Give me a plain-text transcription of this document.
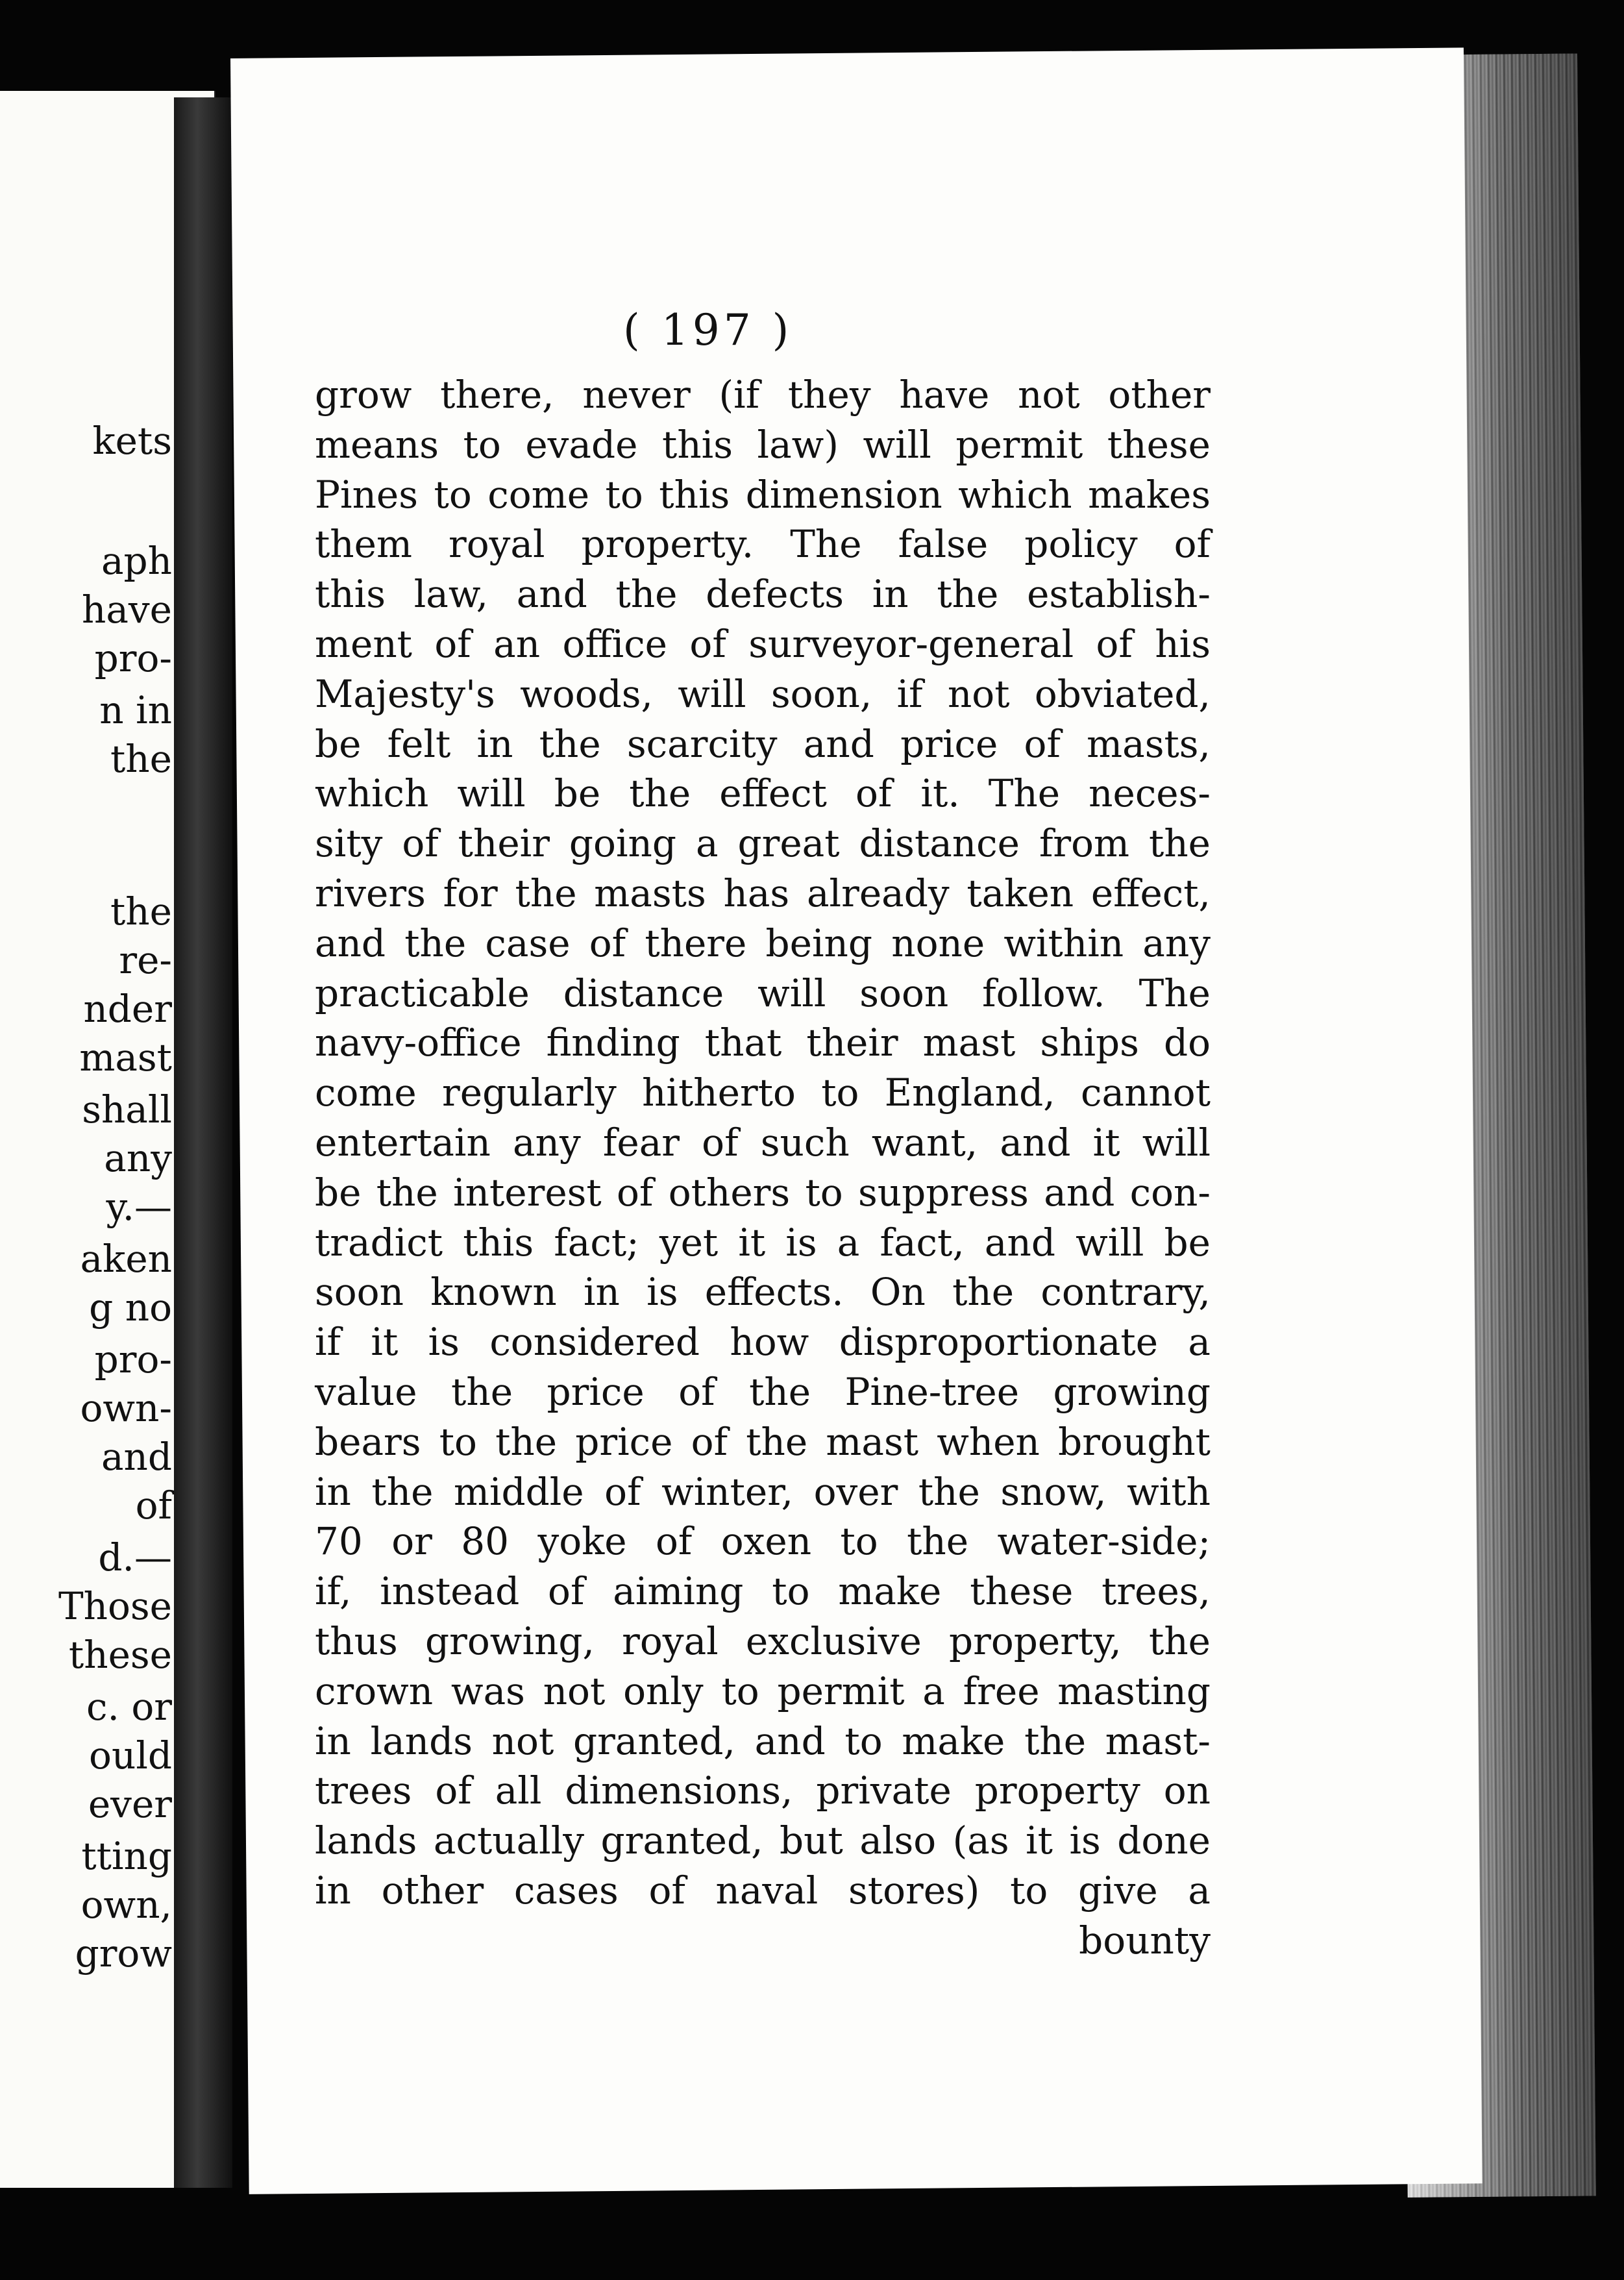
kets
aph
have
pro-
n in
the
the
re-
nder
mast
shall
any
y.—
aken
g no
pro-
own-
and
of
d.—
Those
these
c. or
ould
ever
tting
own,
grow
( 197 )
grow there, never (if they have not other
means to evade this law) will permit these
Pines to come to this dimension which makes
them royal property. The false policy of
this law, and the defects in the establish-
ment of an office of surveyor-general of his
Majesty's woods, will soon, if not obviated,
be felt in the scarcity and price of masts,
which will be the effect of it. The neces-
sity of their going a great distance from the
rivers for the masts has already taken effect,
and the case of there being none within any
practicable distance will soon follow. The
navy-office finding that their mast ships do
come regularly hitherto to England, cannot
entertain any fear of such want, and it will
be the interest of others to suppress and con-
tradict this fact; yet it is a fact, and will be
soon known in is effects. On the contrary,
if it is considered how disproportionate a
value the price of the Pine-tree growing
bears to the price of the mast when brought
in the middle of winter, over the snow, with
70 or 80 yoke of oxen to the water-side;
if, instead of aiming to make these trees,
thus growing, royal exclusive property, the
crown was not only to permit a free masting
in lands not granted, and to make the mast-
trees of all dimensions, private property on
lands actually granted, but also (as it is done
in other cases of naval stores) to give a
bounty
